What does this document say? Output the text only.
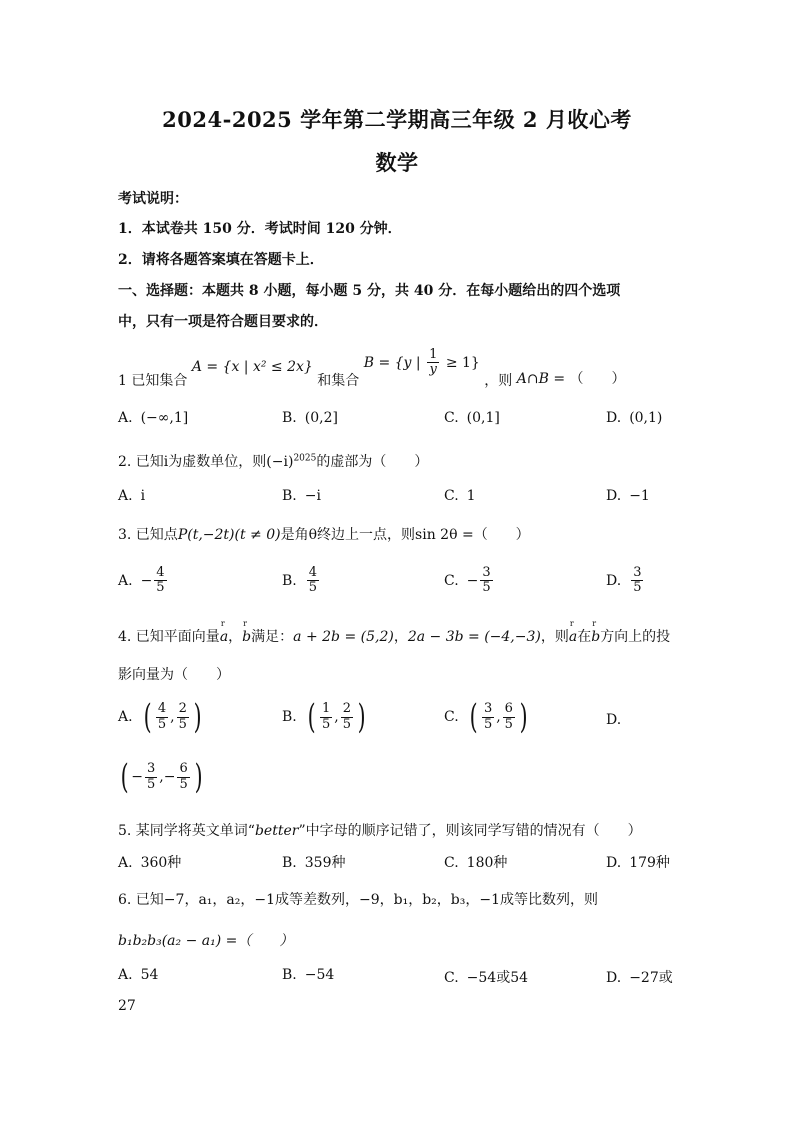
2024-2025 学年第二学期高三年级 2 月收心考
数学
考试说明：
1．本试卷共 150 分．考试时间 120 分钟．
2．请将各题答案填在答题卡上．
一、选择题：本题共 8 小题，每小题 5 分，共 40 分．在每小题给出的四个选项
中，只有一项是符合题目要求的．
1 已知集合 A = {x | x² ≤ 2x} 和集合 B = {y | $\frac{1}{y} \ge 1$} ，则 A∩B = （　　）
A. (−∞,1]	B. (0,2]	C. (0,1]	D. (0,1)
2. 已知i为虚数单位，则$(-i)^{2025}$的虚部为（　　）
A. i	B. −i	C. 1	D. −1
3. 已知点P(t,−2t)(t ≠ 0)是角θ终边上一点，则sin 2θ =（　　）
A. − $\frac{4}{5}$	B. $\frac{4}{5}$	C. − $\frac{3}{5}$	D. $\frac{3}{5}$
4. 已知平面向量r a，r b满足：a + 2b = (5,2)，2a − 3b = (−4,−3)，则r a在r b方向上的投
影向量为（　　）
A. ( $\frac{4}{5}$ , $\frac{2}{5}$ )	B. ( $\frac{1}{5}$ , $\frac{2}{5}$ )	C. ( $\frac{3}{5}$ , $\frac{6}{5}$ )	D.
( − $\frac{3}{5}$ ,− $\frac{6}{5}$ )
5. 某同学将英文单词“better”中字母的顺序记错了，则该同学写错的情况有（　　）
A. 360种	B. 359种	C. 180种	D. 179种
6. 已知−7，a₁，a₂，−1成等差数列，−9，b₁，b₂，b₃，−1成等比数列，则
b₁b₂b₃(a₂ − a₁) =（　　）
A. 54	B. −54	C. −54或54	D. −27或
27
